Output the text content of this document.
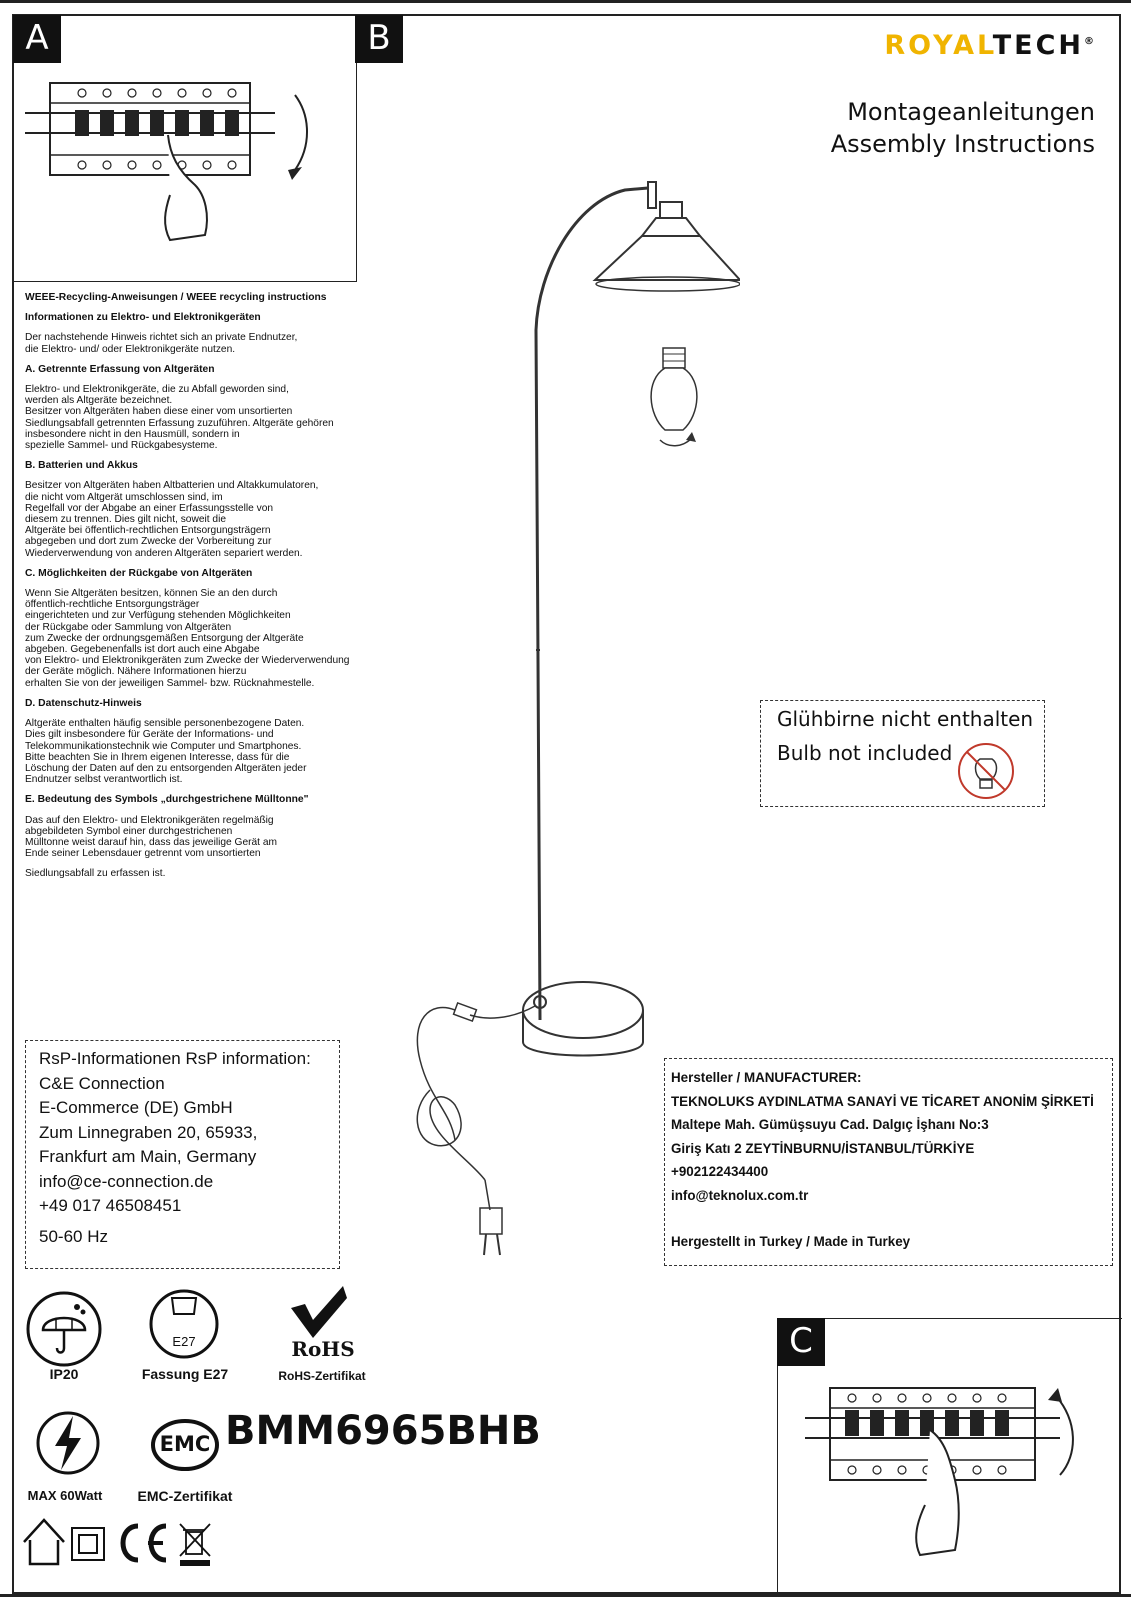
A	B	ROYALTECH®
Montageanleitungen
Assembly Instructions
WEEE-Recycling-Anweisungen / WEEE recycling instructions
Informationen zu Elektro- und Elektronikgeräten

Der nachstehende Hinweis richtet sich an private Endnutzer,
die Elektro- und/ oder Elektronikgeräte nutzen.

A. Getrennte Erfassung von Altgeräten

Elektro- und Elektronikgeräte, die zu Abfall geworden sind,
werden als Altgeräte bezeichnet.
Besitzer von Altgeräten haben diese einer vom unsortierten
Siedlungsabfall getrennten Erfassung zuzuführen. Altgeräte gehören
insbesondere nicht in den Hausmüll, sondern in
spezielle Sammel- und Rückgabesysteme.

B. Batterien und Akkus

Besitzer von Altgeräten haben Altbatterien und Altakkumulatoren,
die nicht vom Altgerät umschlossen sind, im
Regelfall vor der Abgabe an einer Erfassungsstelle von
diesem zu trennen. Dies gilt nicht, soweit die
Altgeräte bei öffentlich-rechtlichen Entsorgungsträgern
abgegeben und dort zum Zwecke der Vorbereitung zur
Wiederverwendung von anderen Altgeräten separiert werden.

C. Möglichkeiten der Rückgabe von Altgeräten

Wenn Sie Altgeräten besitzen, können Sie an den durch
öffentlich-rechtliche Entsorgungsträger
eingerichteten und zur Verfügung stehenden Möglichkeiten
der Rückgabe oder Sammlung von Altgeräten
zum Zwecke der ordnungsgemäßen Entsorgung der Altgeräte
abgeben. Gegebenenfalls ist dort auch eine Abgabe
von Elektro- und Elektronikgeräten zum Zwecke der Wiederverwendung
der Geräte möglich. Nähere Informationen hierzu
erhalten Sie von der jeweiligen Sammel- bzw. Rücknahmestelle.

D. Datenschutz-Hinweis

Altgeräte enthalten häufig sensible personenbezogene Daten.
Dies gilt insbesondere für Geräte der Informations- und
Telekommunikationstechnik wie Computer und Smartphones.
Bitte beachten Sie in Ihrem eigenen Interesse, dass für die
Löschung der Daten auf den zu entsorgenden Altgeräten jeder
Endnutzer selbst verantwortlich ist.

E. Bedeutung des Symbols „durchgestrichene Mülltonne"

Das auf den Elektro- und Elektronikgeräten regelmäßig
abgebildeten Symbol einer durchgestrichenen
Mülltonne weist darauf hin, dass das jeweilige Gerät am
Ende seiner Lebensdauer getrennt vom unsortierten

Siedlungsabfall zu erfassen ist.

Glühbirne nicht enthalten
Bulb not included
RsP-Informationen RsP information:
C&E Connection
E-Commerce (DE) GmbH
Zum Linnegraben 20, 65933,
Frankfurt am Main, Germany
info@ce-connection.de
+49 017 46508451
50-60 Hz
Hersteller / MANUFACTURER:
TEKNOLUKS AYDINLATMA SANAYİ VE TİCARET ANONİM ŞİRKETİ
Maltepe Mah. Gümüşsuyu Cad. Dalgıç İşhanı No:3
Giriş Katı 2 ZEYTİNBURNU/İSTANBUL/TÜRKİYE
+902122434400
info@teknolux.com.tr
Hergestellt in Turkey / Made in Turkey
IP20
E27
Fassung E27
RoHS
RoHS-Zertifikat
MAX 60Watt
EMC
EMC-Zertifikat
BMM6965BHB
C
